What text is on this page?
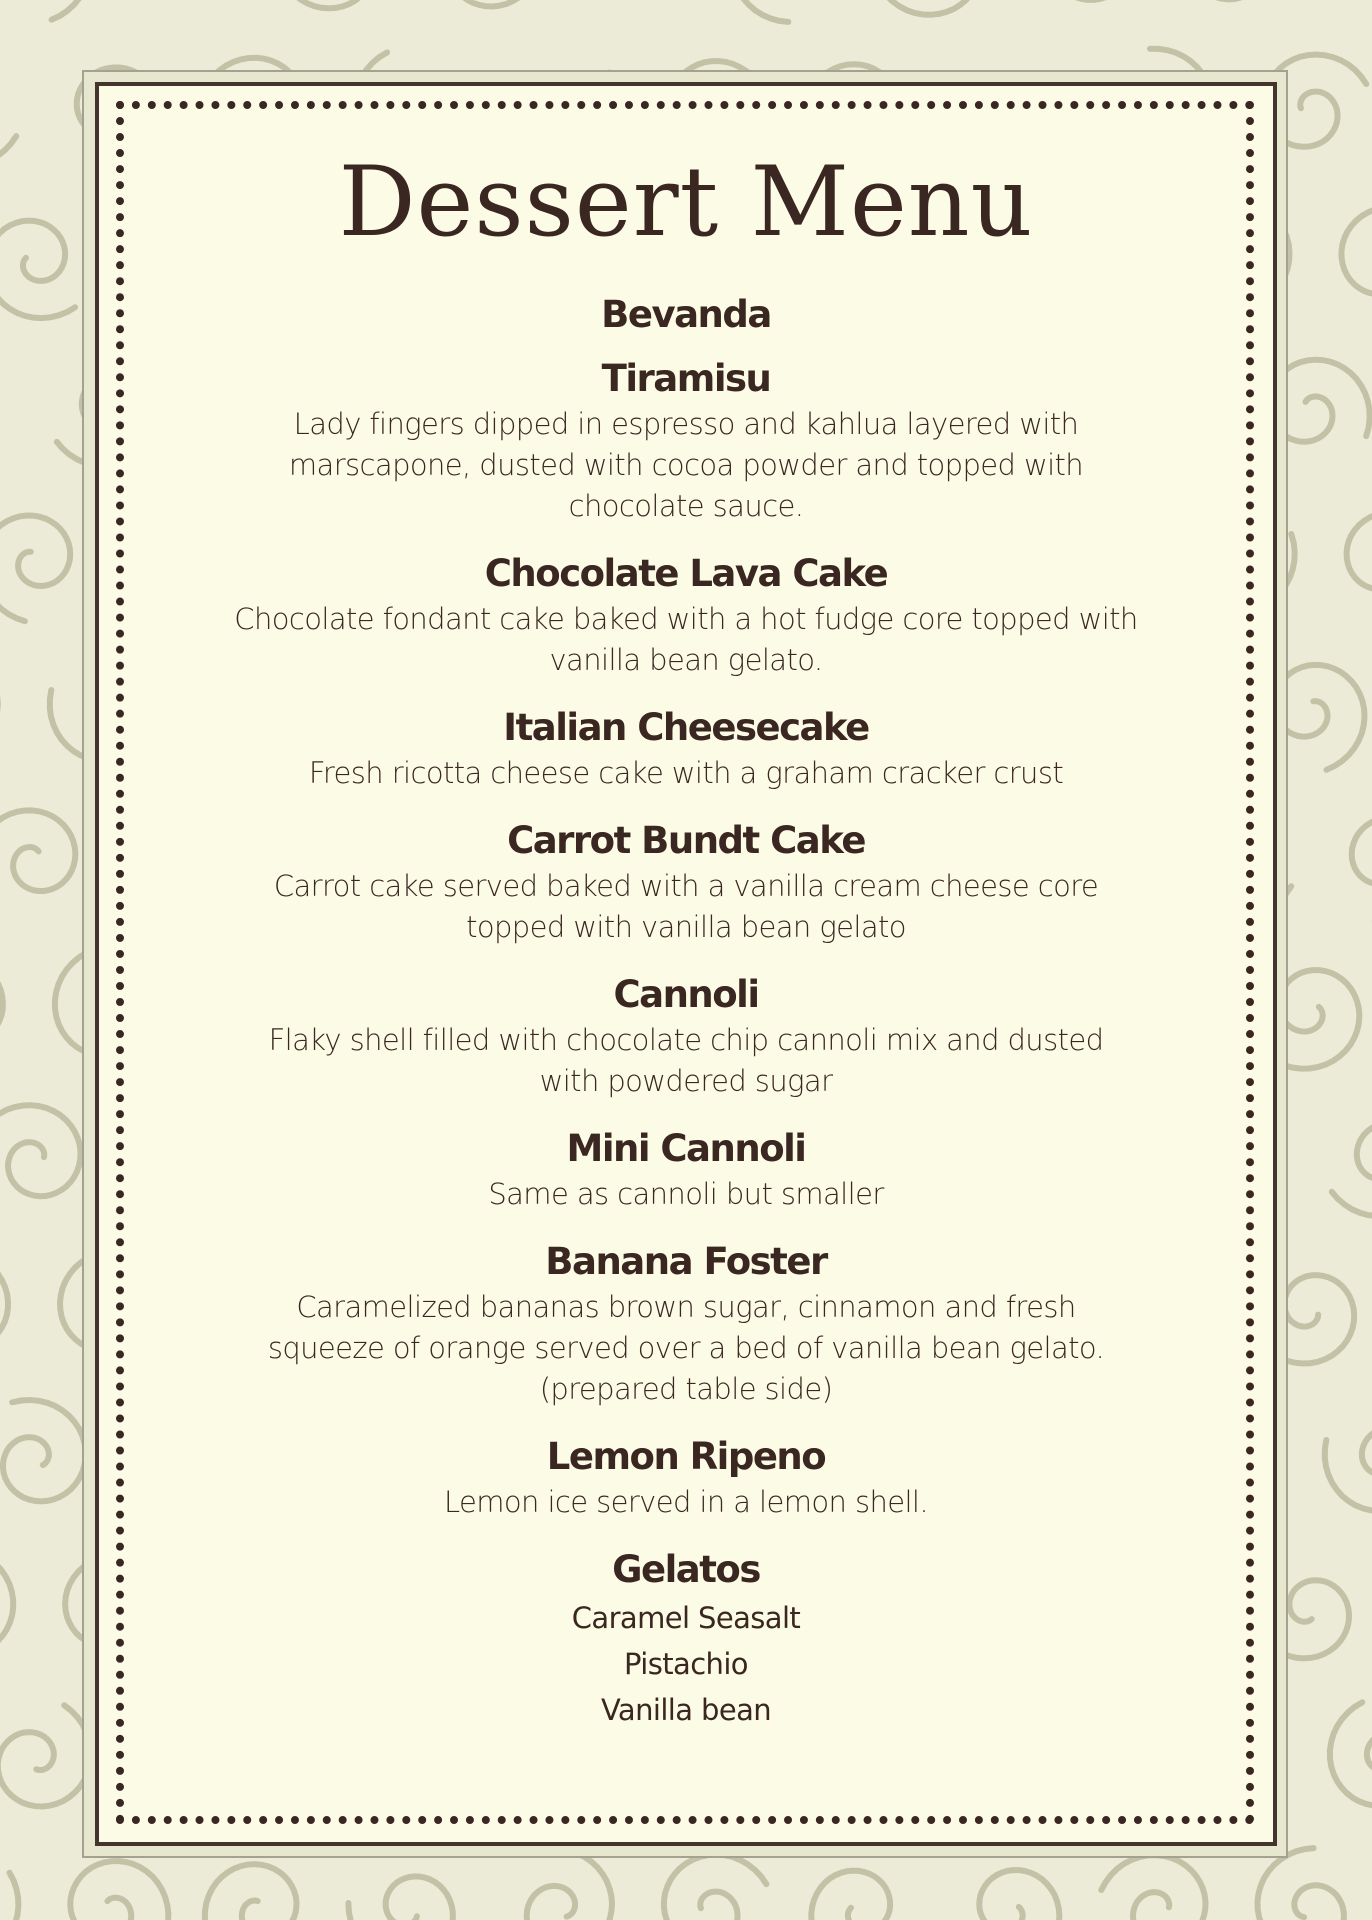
Dessert Menu
Bevanda
Tiramisu
Lady fingers dipped in espresso and kahlua layered with marscapone, dusted with cocoa powder and topped with chocolate sauce.
Chocolate Lava Cake
Chocolate fondant cake baked with a hot fudge core topped with vanilla bean gelato.
Italian Cheesecake
Fresh ricotta cheese cake with a graham cracker crust
Carrot Bundt Cake
Carrot cake served baked with a vanilla cream cheese core topped with vanilla bean gelato
Cannoli
Flaky shell filled with chocolate chip cannoli mix and dusted with powdered sugar
Mini Cannoli
Same as cannoli but smaller
Banana Foster
Caramelized bananas brown sugar, cinnamon and fresh squeeze of orange served over a bed of vanilla bean gelato. (prepared table side)
Lemon Ripeno
Lemon ice served in a lemon shell.
Gelatos
Caramel Seasalt
Pistachio
Vanilla bean
